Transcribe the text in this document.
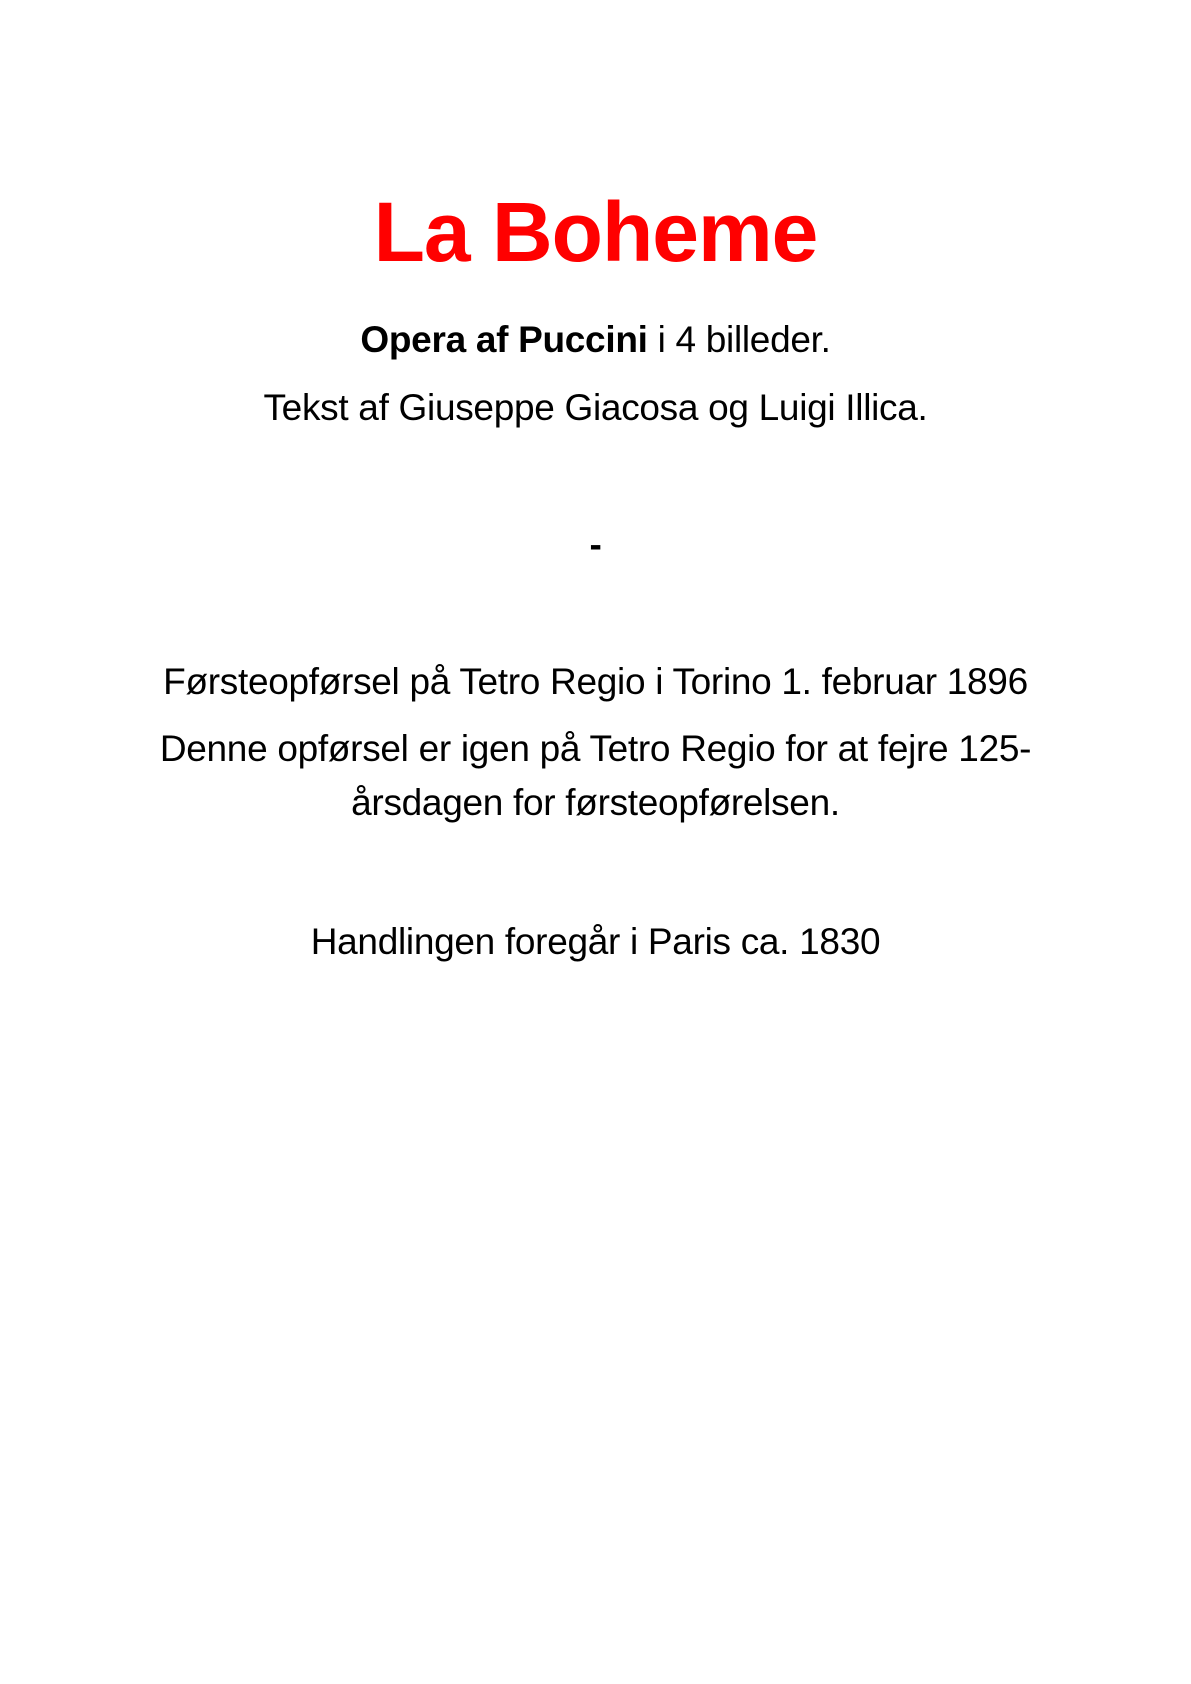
La Boheme

Opera af Puccini i 4 billeder.

Tekst af Giuseppe Giacosa og Luigi Illica.

-

Førsteopførsel på Tetro Regio i Torino 1. februar 1896

Denne opførsel er igen på Tetro Regio for at fejre 125-
årsdagen for førsteopførelsen.

Handlingen foregår i Paris ca. 1830
